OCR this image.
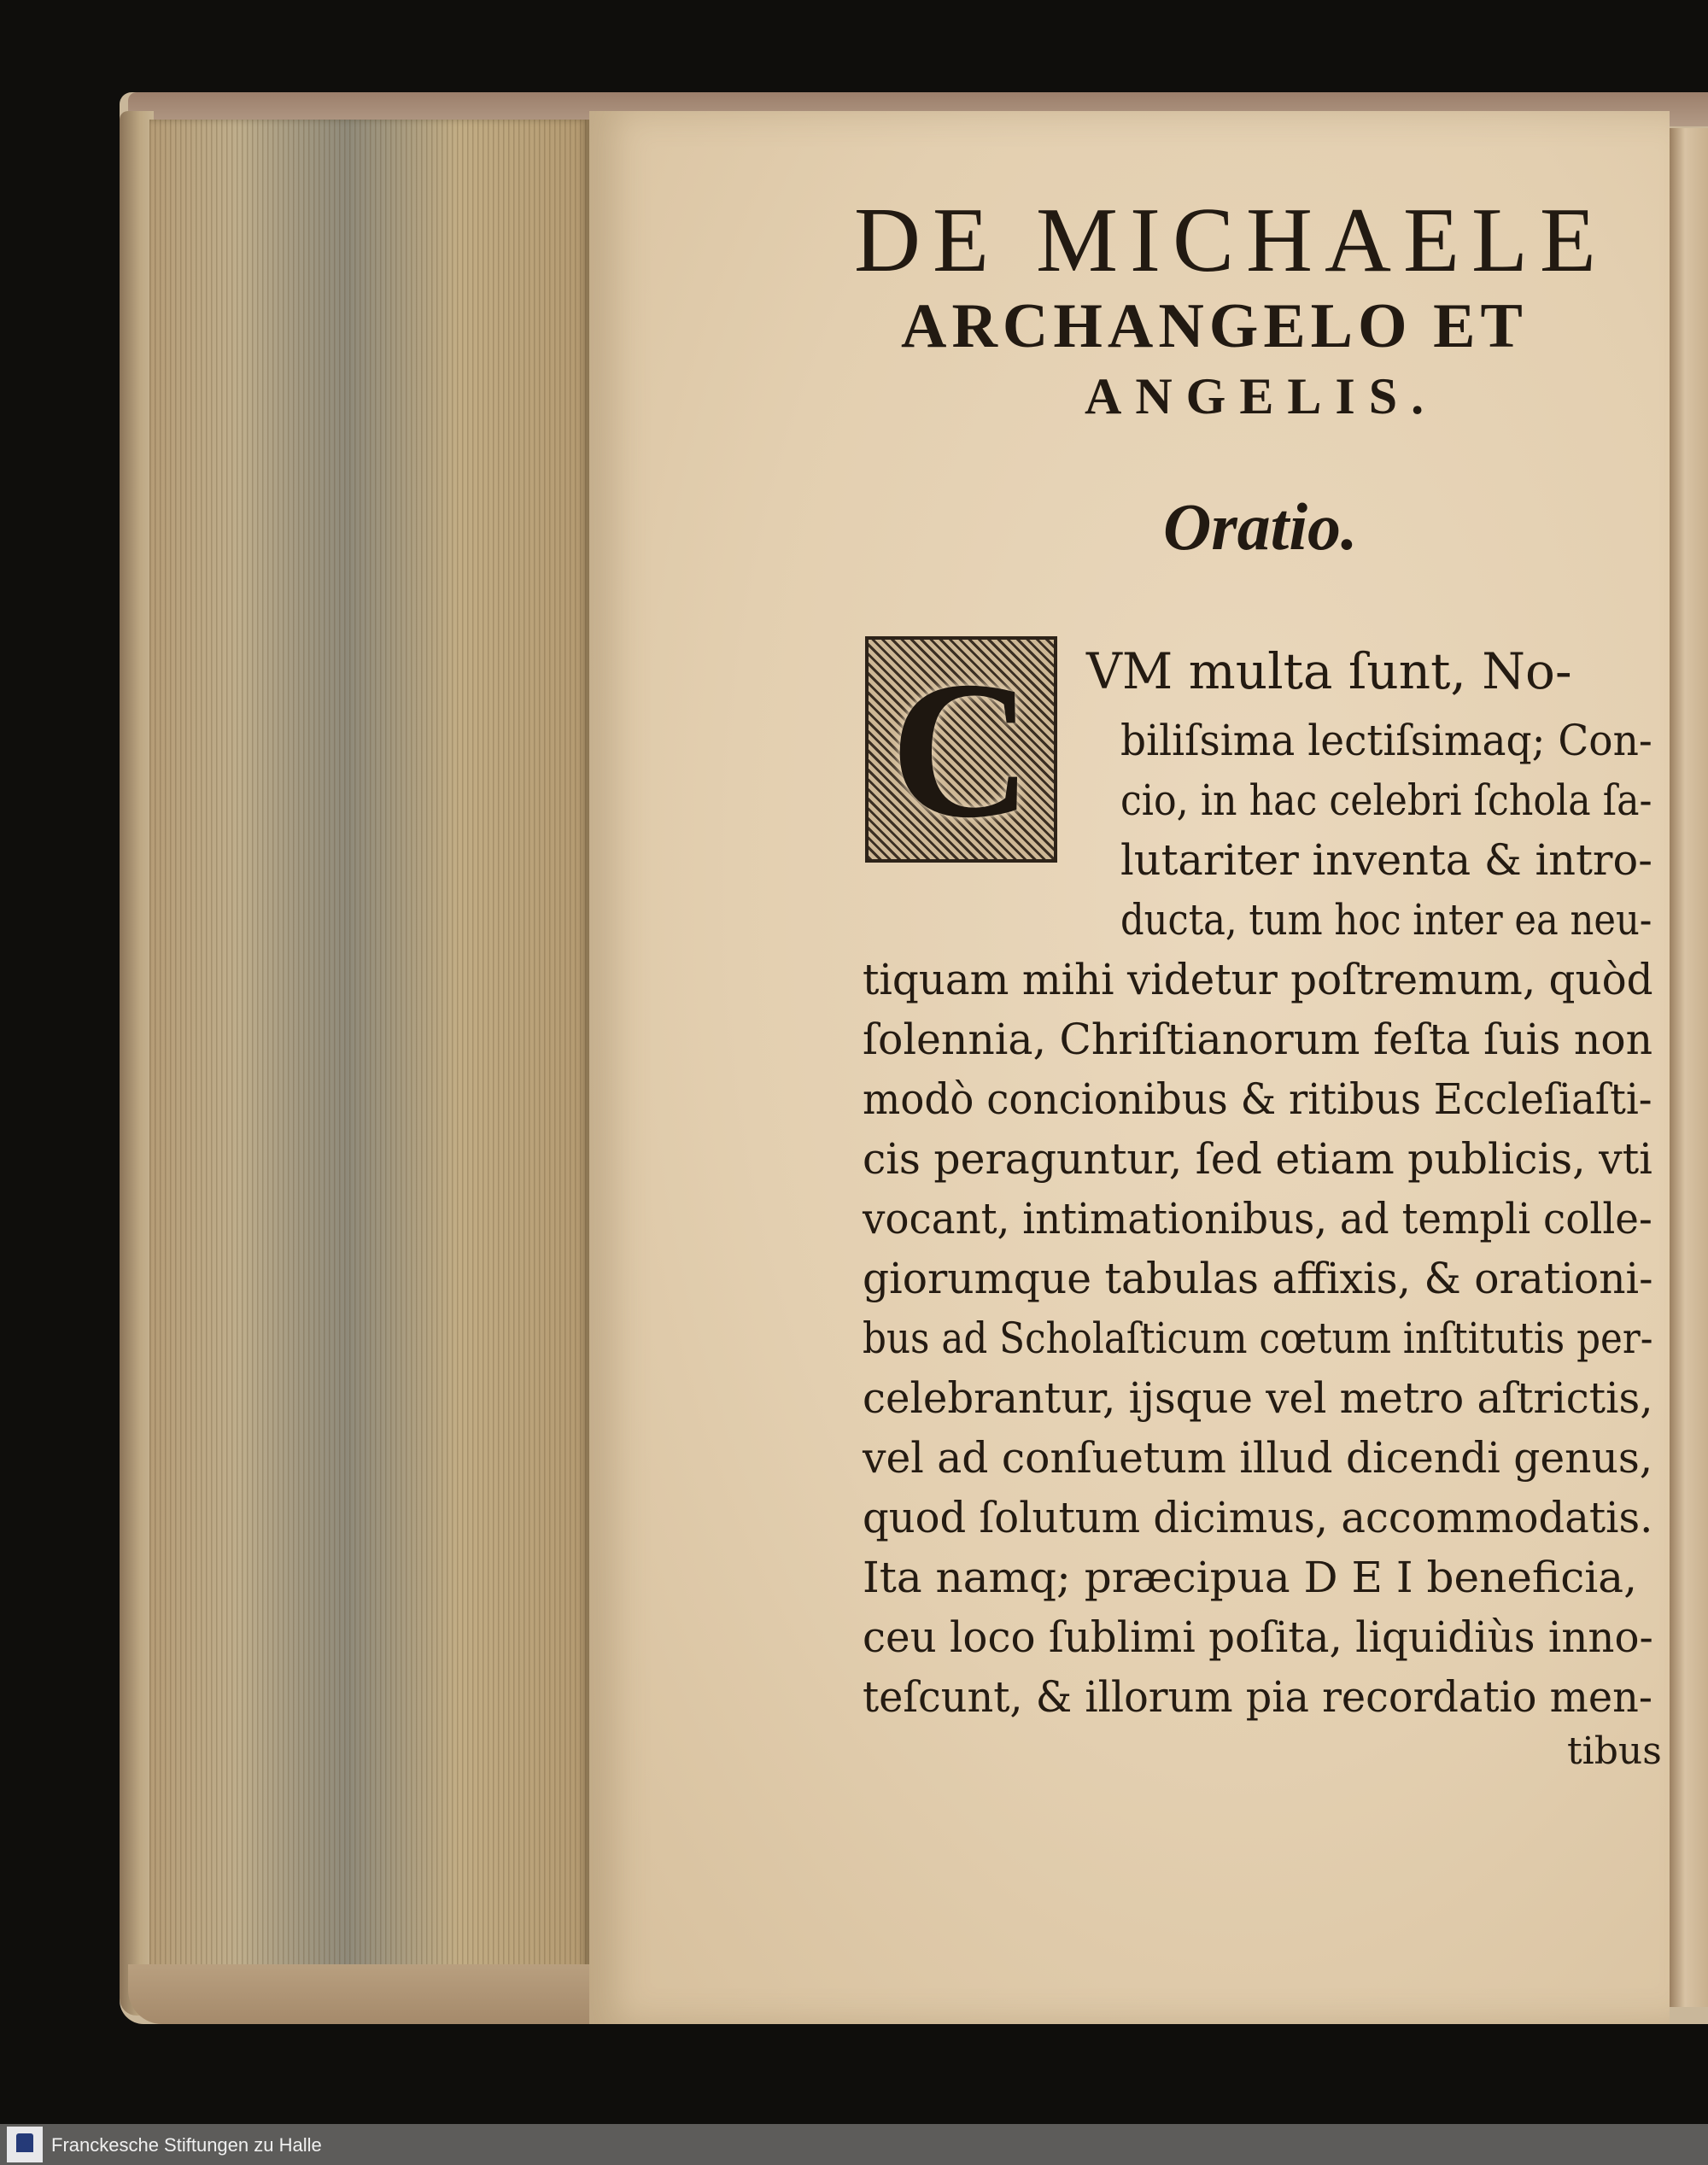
DE MICHAELE
ARCHANGELO ET
ANGELIS.
Oratio.
C	VM multa ſunt, No-
biliſsima lectiſsimaq; Con-
cio, in hac celebri ſchola ſa-
lutariter inventa & intro-
ducta, tum hoc inter ea neu-
tiquam mihi videtur poſtremum, quòd
ſolennia, Chriſtianorum feſta ſuis non
modò concionibus & ritibus Eccleſiaſti-
cis peraguntur, ſed etiam publicis, vti
vocant, intimationibus, ad templi colle-
giorumque tabulas affixis, & orationi-
bus ad Scholaſticum cœtum inſtitutis per-
celebrantur, ijsque vel metro aſtrictis,
vel ad conſuetum illud dicendi genus,
quod ſolutum dicimus, accommodatis.
Ita namq; præcipua D E I beneficia,
ceu loco ſublimi poſita, liquidiùs inno-
teſcunt, & illorum pia recordatio men-
tibus
Franckesche Stiftungen zu Halle
